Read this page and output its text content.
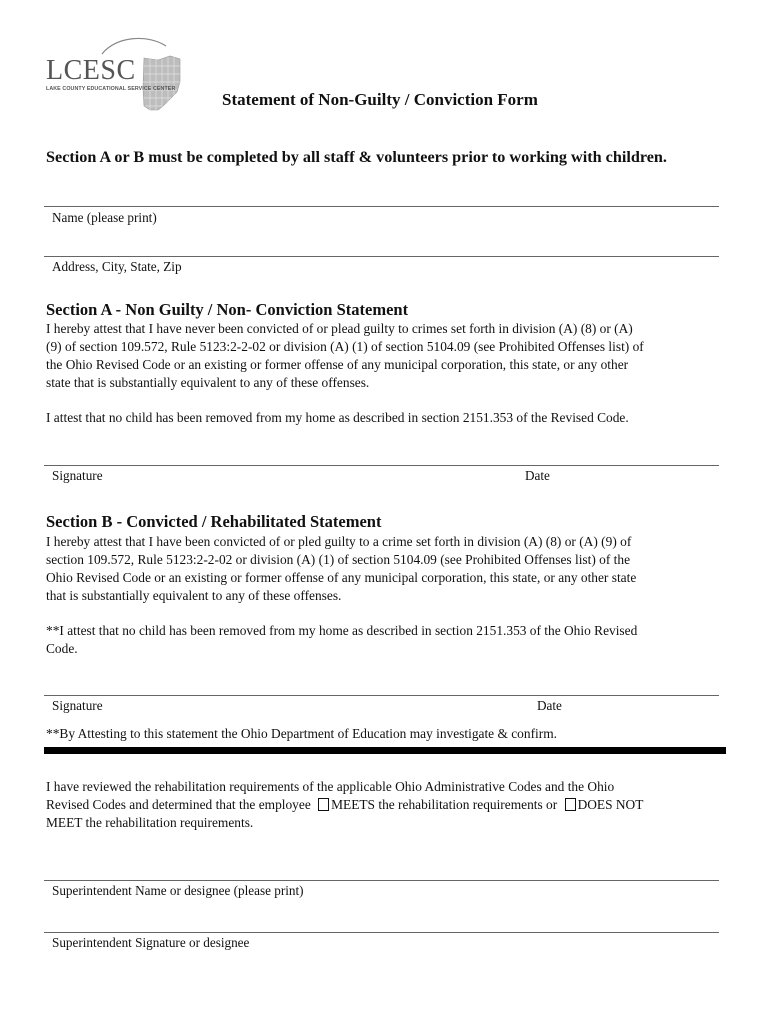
LCESC
LAKE COUNTY EDUCATIONAL SERVICE CENTER
Statement of Non-Guilty / Conviction Form
Section A or B must be completed by all staff & volunteers prior to working with children.
Name (please print)
Address, City, State, Zip
Section A - Non Guilty / Non- Conviction Statement
I hereby attest that I have never been convicted of or plead guilty to crimes set forth in division (A) (8) or (A)
(9) of section 109.572, Rule 5123:2-2-02 or division (A) (1) of section 5104.09 (see Prohibited Offenses list) of
the Ohio Revised Code or an existing or former offense of any municipal corporation, this state, or any other
state that is substantially equivalent to any of these offenses.
I attest that no child has been removed from my home as described in section 2151.353 of the Revised Code.
Signature	Date
Section B - Convicted / Rehabilitated Statement
I hereby attest that I have been convicted of or pled guilty to a crime set forth in division (A) (8) or (A) (9) of
section 109.572, Rule 5123:2-2-02 or division (A) (1) of section 5104.09 (see Prohibited Offenses list) of the
Ohio Revised Code or an existing or former offense of any municipal corporation, this state, or any other state
that is substantially equivalent to any of these offenses.
**I attest that no child has been removed from my home as described in section 2151.353 of the Ohio Revised
Code.
Signature	Date
**By Attesting to this statement the Ohio Department of Education may investigate & confirm.
I have reviewed the rehabilitation requirements of the applicable Ohio Administrative Codes and the Ohio
Revised Codes and determined that the employee MEETS the rehabilitation requirements or DOES NOT
MEET the rehabilitation requirements.
Superintendent Name or designee (please print)
Superintendent Signature or designee
